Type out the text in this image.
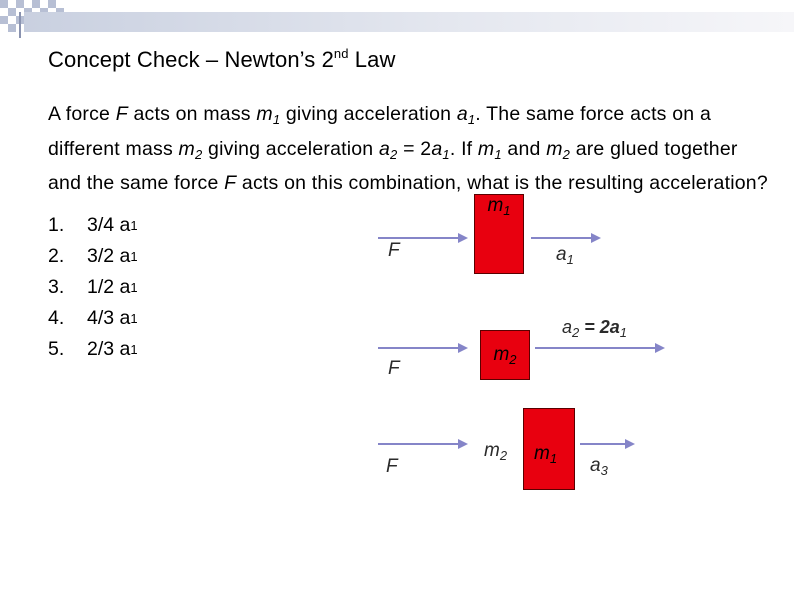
Concept Check – Newton’s 2nd Law
A force F acts on mass $m_1$ giving acceleration $a_1$. The same force acts on a different mass $m_2$ giving acceleration $a_2 = 2a_1$. If $m_1$ and $m_2$ are glued together and the same force F acts on this combination, what is the resulting acceleration?
1.	3/4 a 1
2.	3/2 a 1
3.	1/2 a 1
4.	4/3 a 1
5.	2/3 a 1
F
$m_1$
$a_1$
F
$m_2$
$a_2 = 2a_1$
F
$m_2$	$m_1$	$a_3$
